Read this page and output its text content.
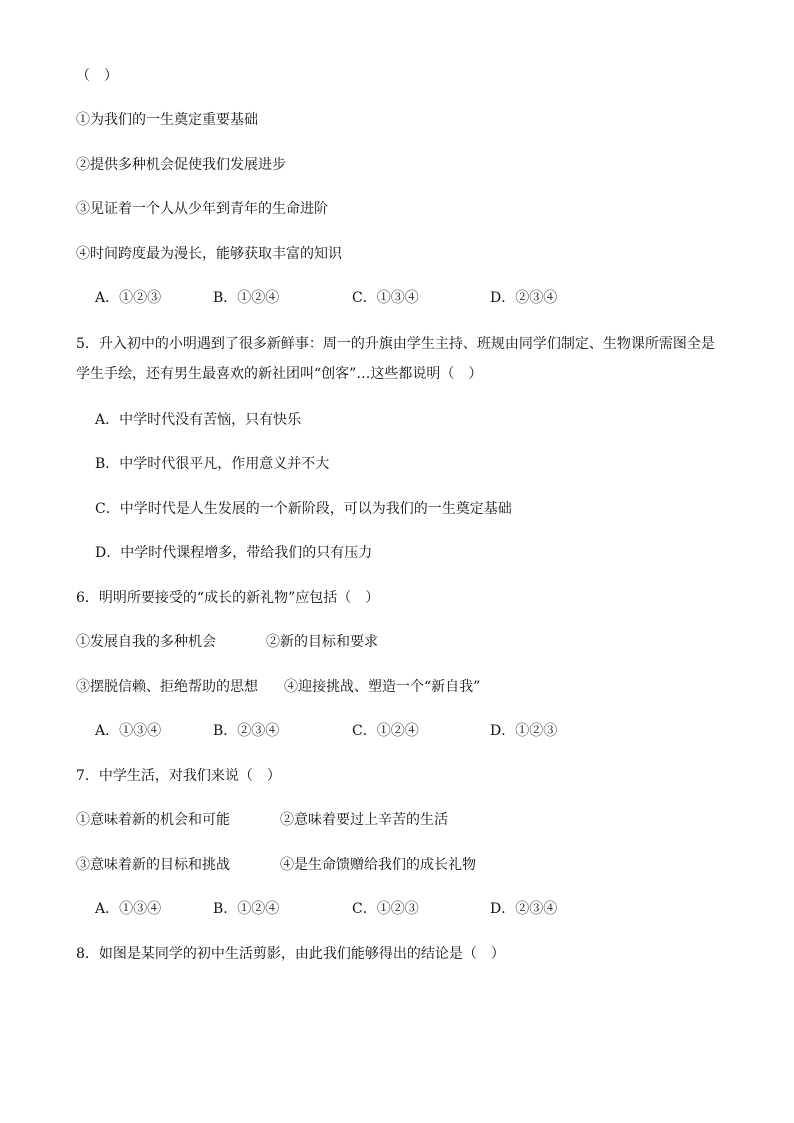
（　）
①为我们的一生奠定重要基础
②提供多种机会促使我们发展进步
③见证着一个人从少年到青年的生命进阶
④时间跨度最为漫长，能够获取丰富的知识
A．①②③	B．①②④	C．①③④	D．②③④
5．升入初中的小明遇到了很多新鲜事：周一的升旗由学生主持、班规由同学们制定、生物课所需图全是
学生手绘，还有男生最喜欢的新社团叫“创客”…这些都说明（　）
A．中学时代没有苦恼，只有快乐
B．中学时代很平凡，作用意义并不大
C．中学时代是人生发展的一个新阶段，可以为我们的一生奠定基础
D．中学时代课程增多，带给我们的只有压力
6．明明所要接受的“成长的新礼物”应包括（　）
①发展自我的多种机会	②新的目标和要求
③摆脱信赖、拒绝帮助的思想 ④迎接挑战、塑造一个“新自我”
A．①③④	B．②③④	C．①②④	D．①②③
7．中学生活，对我们来说（　）
①意味着新的机会和可能	②意味着要过上辛苦的生活
③意味着新的目标和挑战	④是生命馈赠给我们的成长礼物
A．①③④	B．①②④	C．①②③	D．②③④
8．如图是某同学的初中生活剪影，由此我们能够得出的结论是（　）
